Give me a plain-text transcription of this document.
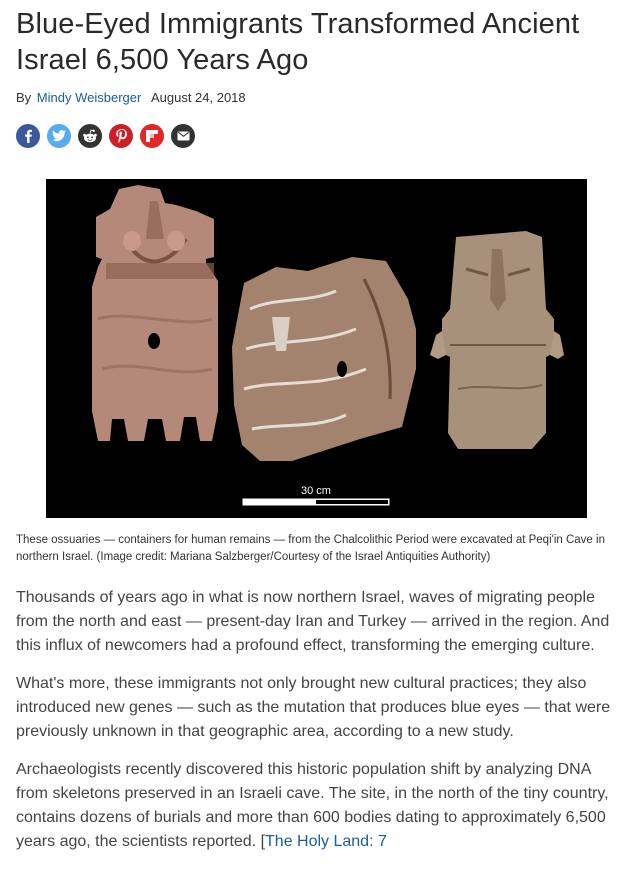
Blue-Eyed Immigrants Transformed Ancient Israel 6,500 Years Ago
By Mindy Weisberger August 24, 2018
30 cm
These ossuaries — containers for human remains — from the Chalcolithic Period were excavated at Peqi'in Cave in northern Israel. (Image credit: Mariana Salzberger/Courtesy of the Israel Antiquities Authority)

Thousands of years ago in what is now northern Israel, waves of migrating people from the north and east — present-day Iran and Turkey — arrived in the region. And this influx of newcomers had a profound effect, transforming the emerging culture.

What's more, these immigrants not only brought new cultural practices; they also introduced new genes — such as the mutation that produces blue eyes — that were previously unknown in that geographic area, according to a new study.

Archaeologists recently discovered this historic population shift by analyzing DNA from skeletons preserved in an Israeli cave. The site, in the north of the tiny country, contains dozens of burials and more than 600 bodies dating to approximately 6,500 years ago, the scientists reported. [The Holy Land: 7
